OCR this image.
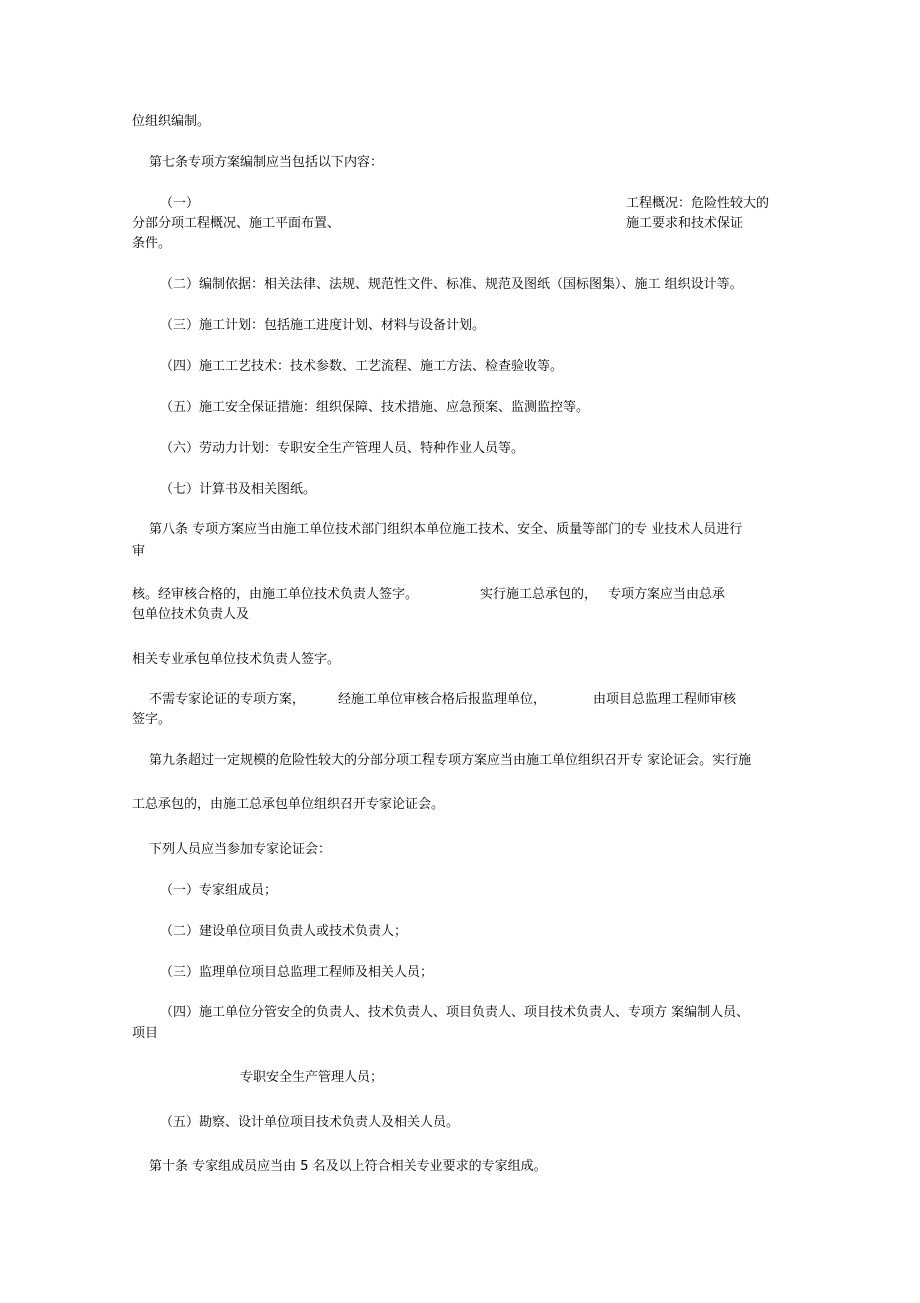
位组织编制。

第七条专项方案编制应当包括以下内容：

（一）	工程概况：危险性较大的

分部分项工程概况、施工平面布置、	施工要求和技术保证

条件。

（二）编制依据：相关法律、法规、规范性文件、标准、规范及图纸（国标图集）、施工 组织设计等。

（三）施工计划：包括施工进度计划、材料与设备计划。

（四）施工工艺技术：技术参数、工艺流程、施工方法、检查验收等。

（五）施工安全保证措施：组织保障、技术措施、应急预案、监测监控等。

（六）劳动力计划：专职安全生产管理人员、特种作业人员等。

（七）计算书及相关图纸。

第八条 专项方案应当由施工单位技术部门组织本单位施工技术、安全、质量等部门的专 业技术人员进行

审

核。经审核合格的，由施工单位技术负责人签字。	实行施工总承包的， 专项方案应当由总承

包单位技术负责人及

相关专业承包单位技术负责人签字。

不需专家论证的专项方案，	经施工单位审核合格后报监理单位，	由项目总监理工程师审核

签字。

第九条超过一定规模的危险性较大的分部分项工程专项方案应当由施工单位组织召开专 家论证会。实行施

工总承包的，由施工总承包单位组织召开专家论证会。

下列人员应当参加专家论证会：

（一）专家组成员；

（二）建设单位项目负责人或技术负责人；

（三）监理单位项目总监理工程师及相关人员；

（四）施工单位分管安全的负责人、技术负责人、项目负责人、项目技术负责人、专项方 案编制人员、

项目

专职安全生产管理人员；

（五）勘察、设计单位项目技术负责人及相关人员。

第十条 专家组成员应当由 5 名及以上符合相关专业要求的专家组成。
